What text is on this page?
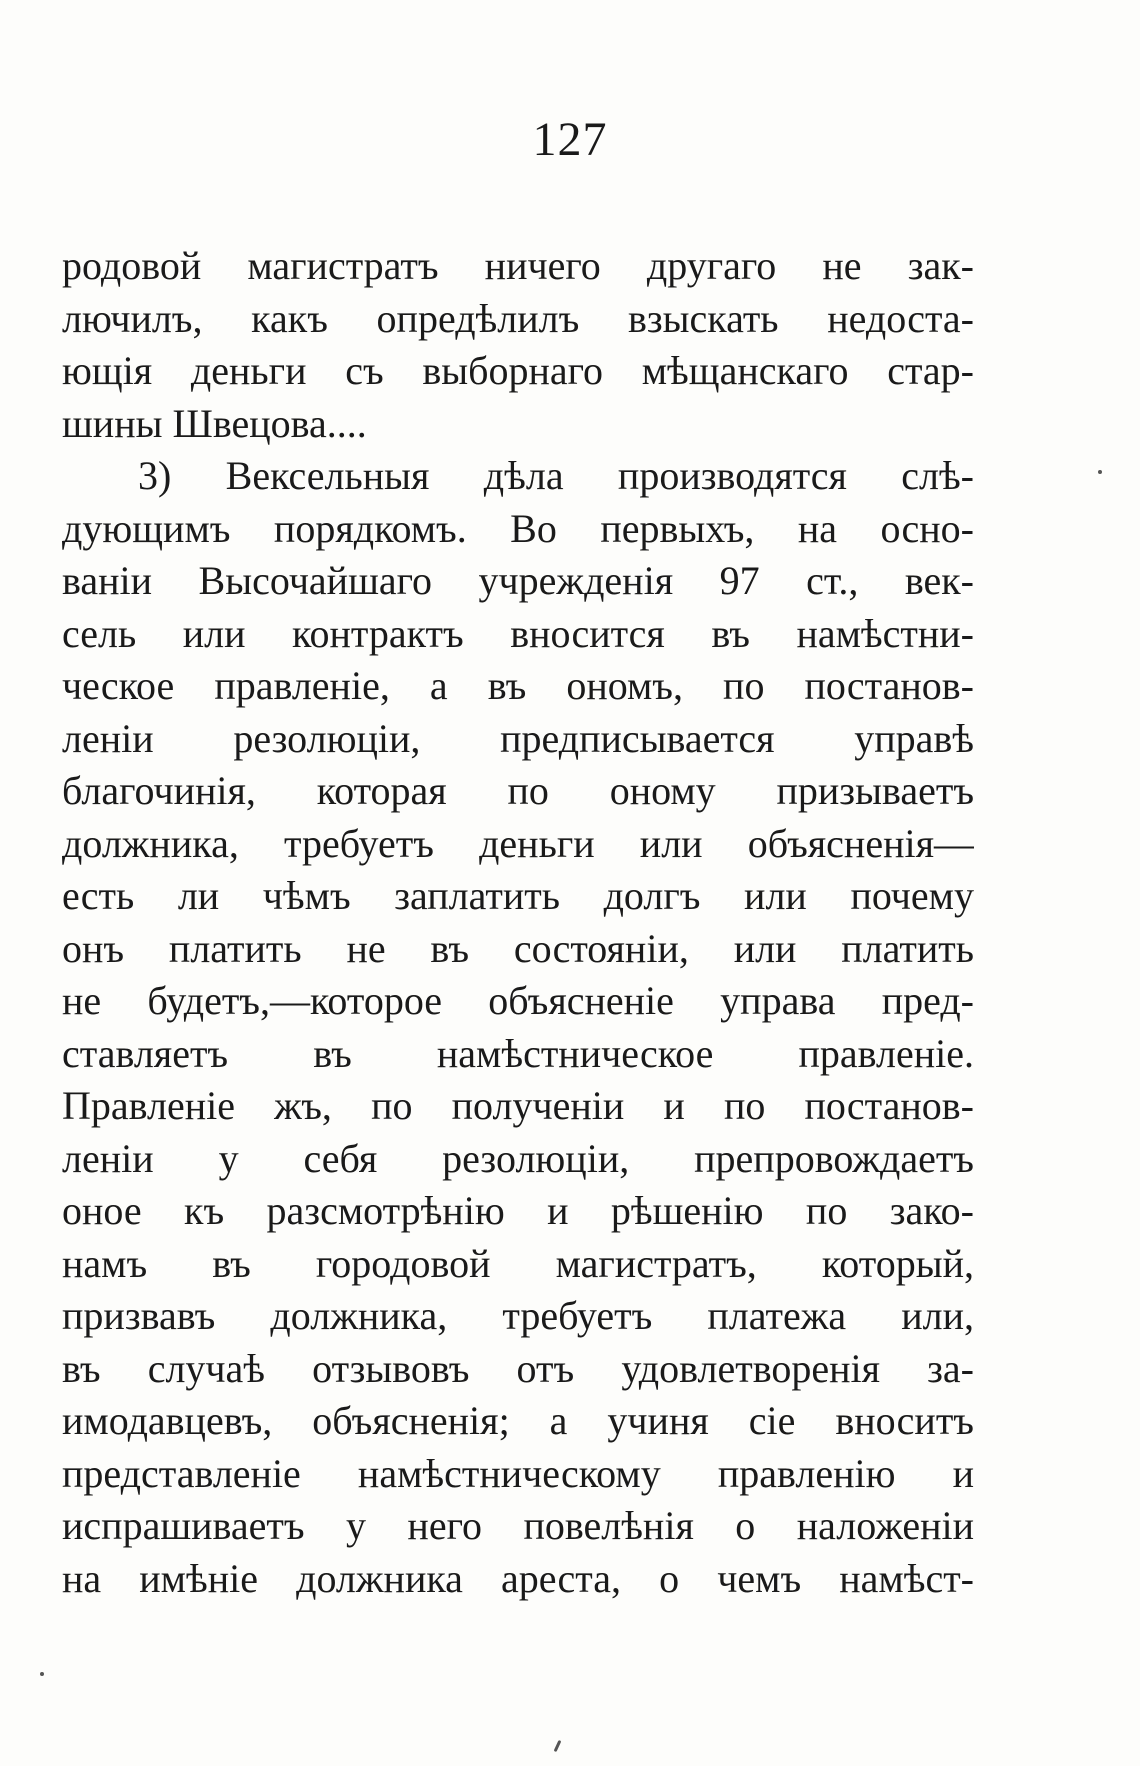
127
родовой магистратъ ничего другаго не зак-
лючилъ, какъ опредѣлилъ взыскать недоста-
ющія деньги съ выборнаго мѣщанскаго стар-
шины Швецова....
3) Вексельныя дѣла производятся слѣ-
дующимъ порядкомъ. Во первыхъ, на осно-
ваніи Высочайшаго учрежденія 97 ст., век-
сель или контрактъ вносится въ намѣстни-
ческое правленіе, а въ ономъ, по постанов-
леніи резолюціи, предписывается управѣ
благочинія, которая по оному призываетъ
должника, требуетъ деньги или объясненія—
есть ли чѣмъ заплатить долгъ или почему
онъ платить не въ состояніи, или платить
не будетъ,—которое объясненіе управа пред-
ставляетъ въ намѣстническое правленіе.
Правленіе жъ, по полученіи и по постанов-
леніи у себя резолюціи, препровождаетъ
оное къ разсмотрѣнію и рѣшенію по зако-
намъ въ городовой магистратъ, который,
призвавъ должника, требуетъ платежа или,
въ случаѣ отзывовъ отъ удовлетворенія за-
имодавцевъ, объясненія; а учиня сіе вноситъ
представленіе намѣстническому правленію и
испрашиваетъ у него повелѣнія о наложеніи
на имѣніе должника ареста, о чемъ намѣст-
